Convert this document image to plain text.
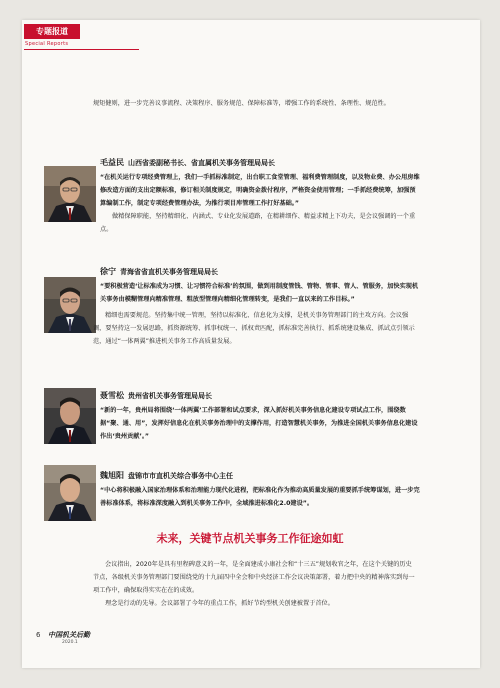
专题报道
Special Reports

规矩健则，进一步完善议事流程、决策程序、服务规范、保障标准等，增强工作的系统性、条理性、规范性。

毛益民 山西省委副秘书长、省直属机关事务管理局局长

“在机关运行专项经费管理上，我们一手抓标准制定，出台职工食堂管理、福利费管理制度，以及物业费、办公用房维修改造方面的支出定额标准，修订相关制度规定，明确资金拨付程序，严格资金使用管理；一手抓经费统筹，加强预算编制工作，制定专项经费管理办法，为推行项目库管理工作打好基础。”

做精保障职能，坚持精细化、内涵式、专业化发展道路，在精耕细作、精益求精上下功夫，是会议强调的一个重点。

徐宁 青海省省直机关事务管理局局长

“要积极营造‘让标准成为习惯、让习惯符合标准’的氛围，做到用制度管钱、管物、管事、管人、管服务，加快实现机关事务由模糊管理向精准管理、粗放型管理向精细化管理转变，是我们一直以来的工作目标。”

精细也需要规范。坚持集中统一管理，坚持以标准化、信息化为支撑，是机关事务管理部门的主攻方向。会议强调，要坚持这一发展思路，抓资源统筹、抓事权统一、抓权责匹配，抓标准完善执行、抓系统建设集成、抓试点引领示范，通过“一体两翼”推进机关事务工作高质量发展。

聂雪松 贵州省机关事务管理局局长

“新的一年，贵州局将围绕‘一体两翼’工作部署和试点要求，深入抓好机关事务信息化建设专项试点工作，围绕数据“聚、通、用”，发挥好信息化在机关事务治理中的支撑作用，打造智慧机关事务，为推进全国机关事务信息化建设作出‘贵州贡献’。”

魏旭阳 盘锦市市直机关综合事务中心主任

“中心将积极融入国家治理体系和治理能力现代化进程，把标准化作为推动高质量发展的重要抓手统筹谋划，进一步完善标准体系，将标准深度融入到机关事务工作中，全域推进标准化2.0建设”。

未来，关键节点机关事务工作征途如虹

会议指出，2020年是具有里程碑意义的一年，是全面建成小康社会和“十三五”规划收官之年，在这个关键的历史节点，各级机关事务管理部门要围绕党的十九届四中全会和中央经济工作会议决策部署，着力把中央的精神落实到每一项工作中，确保取得实实在在的成效。

理念是行动的先导。会议部署了今年的重点工作，抓好节约型机关创建被置于首位。

6 中国机关后勤
2020.1
